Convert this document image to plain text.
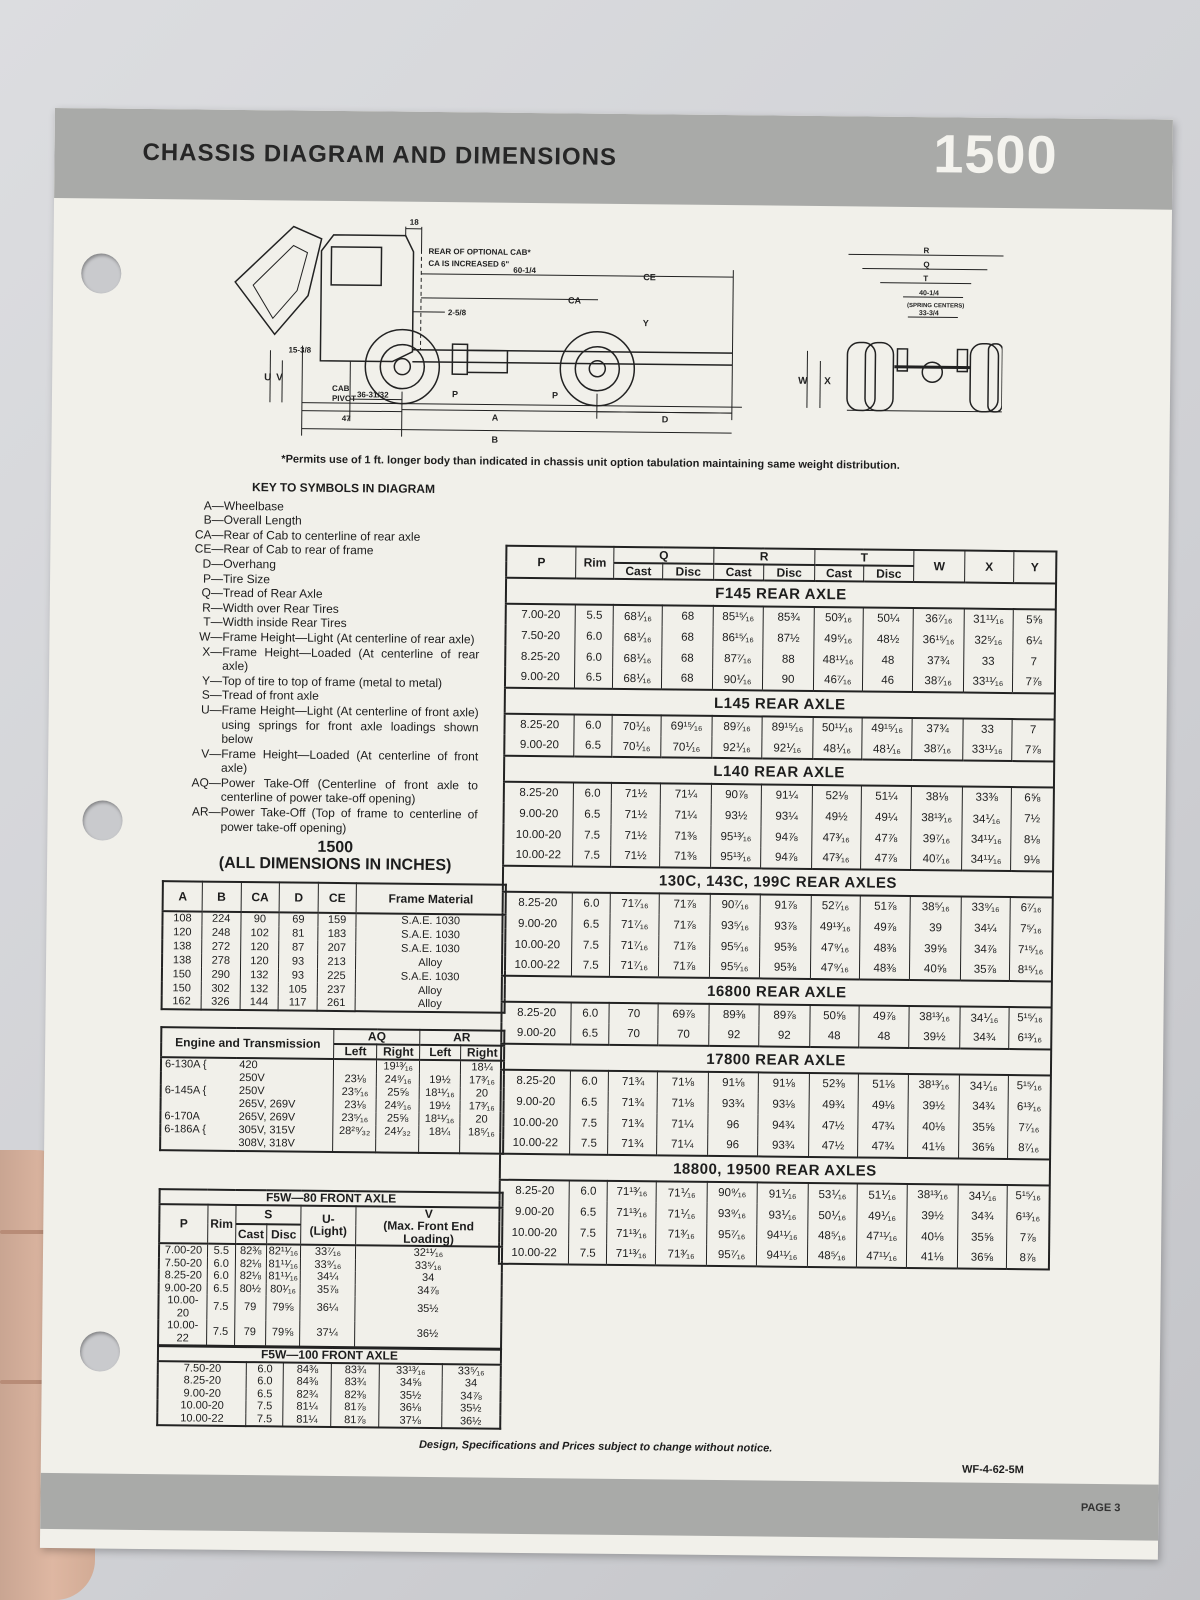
CHASSIS DIAGRAM AND DIMENSIONS	1500
18
REAR OF OPTIONAL CAB*
CA IS INCREASED 6"
60-1/4
CE
CA
2-5/8
Y
15-3/8
U V
CAB
PIVOT	P	P
36-31/32
47	A	D
B
W X
R
Q
T
40-1/4
(SPRING CENTERS)
33-3/4
*Permits use of 1 ft. longer body than indicated in chassis unit option tabulation maintaining same weight distribution.
KEY TO SYMBOLS IN DIAGRAM
A— Wheelbase
B— Overall Length
CA— Rear of Cab to centerline of rear axle
CE— Rear of Cab to rear of frame
D— Overhang
P— Tire Size
Q— Tread of Rear Axle
R— Width over Rear Tires
T— Width inside Rear Tires
W— Frame Height—Light (At centerline of rear axle)
X— Frame Height—Loaded (At centerline of rear axle)
Y— Top of tire to top of frame (metal to metal)
S— Tread of front axle
U— Frame Height—Light (At centerline of front axle) using springs for front axle loadings shown below
V— Frame Height—Loaded (At centerline of front axle)
AQ— Power Take-Off (Centerline of front axle to centerline of power take-off opening)
AR— Power Take-Off (Top of frame to centerline of power take-off opening)
1500
(ALL DIMENSIONS IN INCHES)
A	B	CA	D	CE	Frame Material
108	224	90	69	159	S.A.E. 1030
120	248	102	81	183	S.A.E. 1030
138	272	120	87	207	S.A.E. 1030
138	278	120	93	213	Alloy
150	290	132	93	225	S.A.E. 1030
150	302	132	105	237	Alloy
162	326	144	117	261	Alloy
Engine and Transmission		AQ		AR	
		Left	Right	Left	Right
6-130A {	420		19¹³⁄₁₆		18¼
	250V	23⅛	24⁹⁄₁₆	19½	17³⁄₁₆
6-145A {	250V	23⁵⁄₁₆	25⅝	18¹¹⁄₁₆	20
	265V, 269V	23⅛	24⁹⁄₁₆	19½	17³⁄₁₆
6-170A	265V, 269V	23⁵⁄₁₆	25⅝	18¹¹⁄₁₆	20
6-186A {	305V, 315V	28²⁹⁄₃₂	24¹⁄₃₂	18¼	18⁵⁄₁₆
	308V, 318V				
F5W—80 FRONT AXLE					
P	Rim	S		U-(Light)	V
(Max. Front End Loading)

		Cast	Disc		
7.00-20	5.5	82⅜	82¹¹⁄₁₆	33⁷⁄₁₆	32¹¹⁄₁₆
7.50-20	6.0	82⅛	81¹¹⁄₁₆	33⁹⁄₁₆	33⁵⁄₁₆
8.25-20	6.0	82⅛	81¹¹⁄₁₆	34¼	34
9.00-20	6.5	80½	80¹⁄₁₆	35⅞	34⅞
10.00-20	7.5	79	79⅝	36¼	35½
10.00-22	7.5	79	79⅝	37¼	36½
F5W—100 FRONT AXLE					
7.50-20	6.0	84⅜	83¾	33¹³⁄₁₆	33⁵⁄₁₆
8.25-20	6.0	84⅜	83¾	34⅝	34
9.00-20	6.5	82¾	82⅜	35½	34⅞
10.00-20	7.5	81¼	81⅞	36⅛	35½
10.00-22	7.5	81¼	81⅞	37⅛	36½
P	Rim	Q		R		T		W	X	Y
		Cast	Disc	Cast	Disc	Cast	Disc			
F145 REAR AXLE										
7.00-20	5.5	68⅟₁₆	68	85¹⁵⁄₁₆	85¾	50³⁄₁₆	50¼	36⁷⁄₁₆	31¹¹⁄₁₆	5⅝
7.50-20	6.0	68⅟₁₆	68	86¹⁵⁄₁₆	87½	49⁵⁄₁₆	48½	36¹⁵⁄₁₆	32⁵⁄₁₆	6¼
8.25-20	6.0	68⅟₁₆	68	87⁷⁄₁₆	88	48¹¹⁄₁₆	48	37¾	33	7
9.00-20	6.5	68⅟₁₆	68	90⅟₁₆	90	46⁷⁄₁₆	46	38⁷⁄₁₆	33¹¹⁄₁₆	7⅞
L145 REAR AXLE										
8.25-20	6.0	70⅟₁₆	69¹⁵⁄₁₆	89⁷⁄₁₆	89¹⁵⁄₁₆	50¹¹⁄₁₆	49¹⁵⁄₁₆	37¾	33	7
9.00-20	6.5	70⅟₁₆	70⅟₁₆	92⅟₁₆	92⅟₁₆	48⅟₁₆	48⅟₁₆	38⁷⁄₁₆	33¹¹⁄₁₆	7⅞
L140 REAR AXLE										
8.25-20	6.0	71½	71¼	90⅞	91¼	52⅛	51¼	38⅛	33⅜	6⅝
9.00-20	6.5	71½	71¼	93½	93¼	49½	49¼	38¹³⁄₁₆	34⅟₁₆	7½
10.00-20	7.5	71½	71⅜	95¹³⁄₁₆	94⅞	47³⁄₁₆	47⅞	39⁷⁄₁₆	34¹¹⁄₁₆	8⅛
10.00-22	7.5	71½	71⅜	95¹³⁄₁₆	94⅞	47³⁄₁₆	47⅞	40⁷⁄₁₆	34¹¹⁄₁₆	9⅛
130C, 143C, 199C REAR AXLES										
8.25-20	6.0	71⁷⁄₁₆	71⅞	90⁷⁄₁₆	91⅞	52⁷⁄₁₆	51⅞	38⁵⁄₁₆	33⁹⁄₁₆	6⁷⁄₁₆
9.00-20	6.5	71⁷⁄₁₆	71⅞	93⁵⁄₁₆	93⅞	49¹³⁄₁₆	49⅞	39	34¼	7⁵⁄₁₆
10.00-20	7.5	71⁷⁄₁₆	71⅞	95⁵⁄₁₆	95⅜	47⁹⁄₁₆	48⅜	39⅝	34⅞	7¹⁵⁄₁₆
10.00-22	7.5	71⁷⁄₁₆	71⅞	95⁵⁄₁₆	95⅜	47⁹⁄₁₆	48⅜	40⅝	35⅞	8¹⁵⁄₁₆
16800 REAR AXLE										
8.25-20	6.0	70	69⅞	89⅜	89⅞	50⅝	49⅞	38¹³⁄₁₆	34⅟₁₆	5¹⁵⁄₁₆
9.00-20	6.5	70	70	92	92	48	48	39½	34¾	6¹³⁄₁₆
17800 REAR AXLE										
8.25-20	6.0	71¾	71⅛	91⅛	91⅛	52⅜	51⅛	38¹³⁄₁₆	34⅟₁₆	5¹⁵⁄₁₆
9.00-20	6.5	71¾	71⅛	93¾	93⅛	49¾	49⅛	39½	34¾	6¹³⁄₁₆
10.00-20	7.5	71¾	71¼	96	94¾	47½	47¾	40⅛	35⅝	7⁷⁄₁₆
10.00-22	7.5	71¾	71¼	96	93¾	47½	47¾	41⅛	36⅝	8⁷⁄₁₆
18800, 19500 REAR AXLES										
8.25-20	6.0	71¹³⁄₁₆	71⅟₁₆	90⁹⁄₁₆	91⅟₁₆	53⅟₁₆	51⅟₁₆	38¹³⁄₁₆	34⅟₁₆	5¹⁵⁄₁₆
9.00-20	6.5	71¹³⁄₁₆	71⅟₁₆	93⁹⁄₁₆	93⅟₁₆	50⅟₁₆	49⅟₁₆	39½	34¾	6¹³⁄₁₆
10.00-20	7.5	71¹³⁄₁₆	71³⁄₁₆	95⁷⁄₁₆	94¹¹⁄₁₆	48⁵⁄₁₆	47¹¹⁄₁₆	40⅛	35⅝	7⅞
10.00-22	7.5	71¹³⁄₁₆	71³⁄₁₆	95⁷⁄₁₆	94¹¹⁄₁₆	48⁵⁄₁₆	47¹¹⁄₁₆	41⅛	36⅝	8⅞
Design, Specifications and Prices subject to change without notice.
WF-4-62-5M
PAGE 3
